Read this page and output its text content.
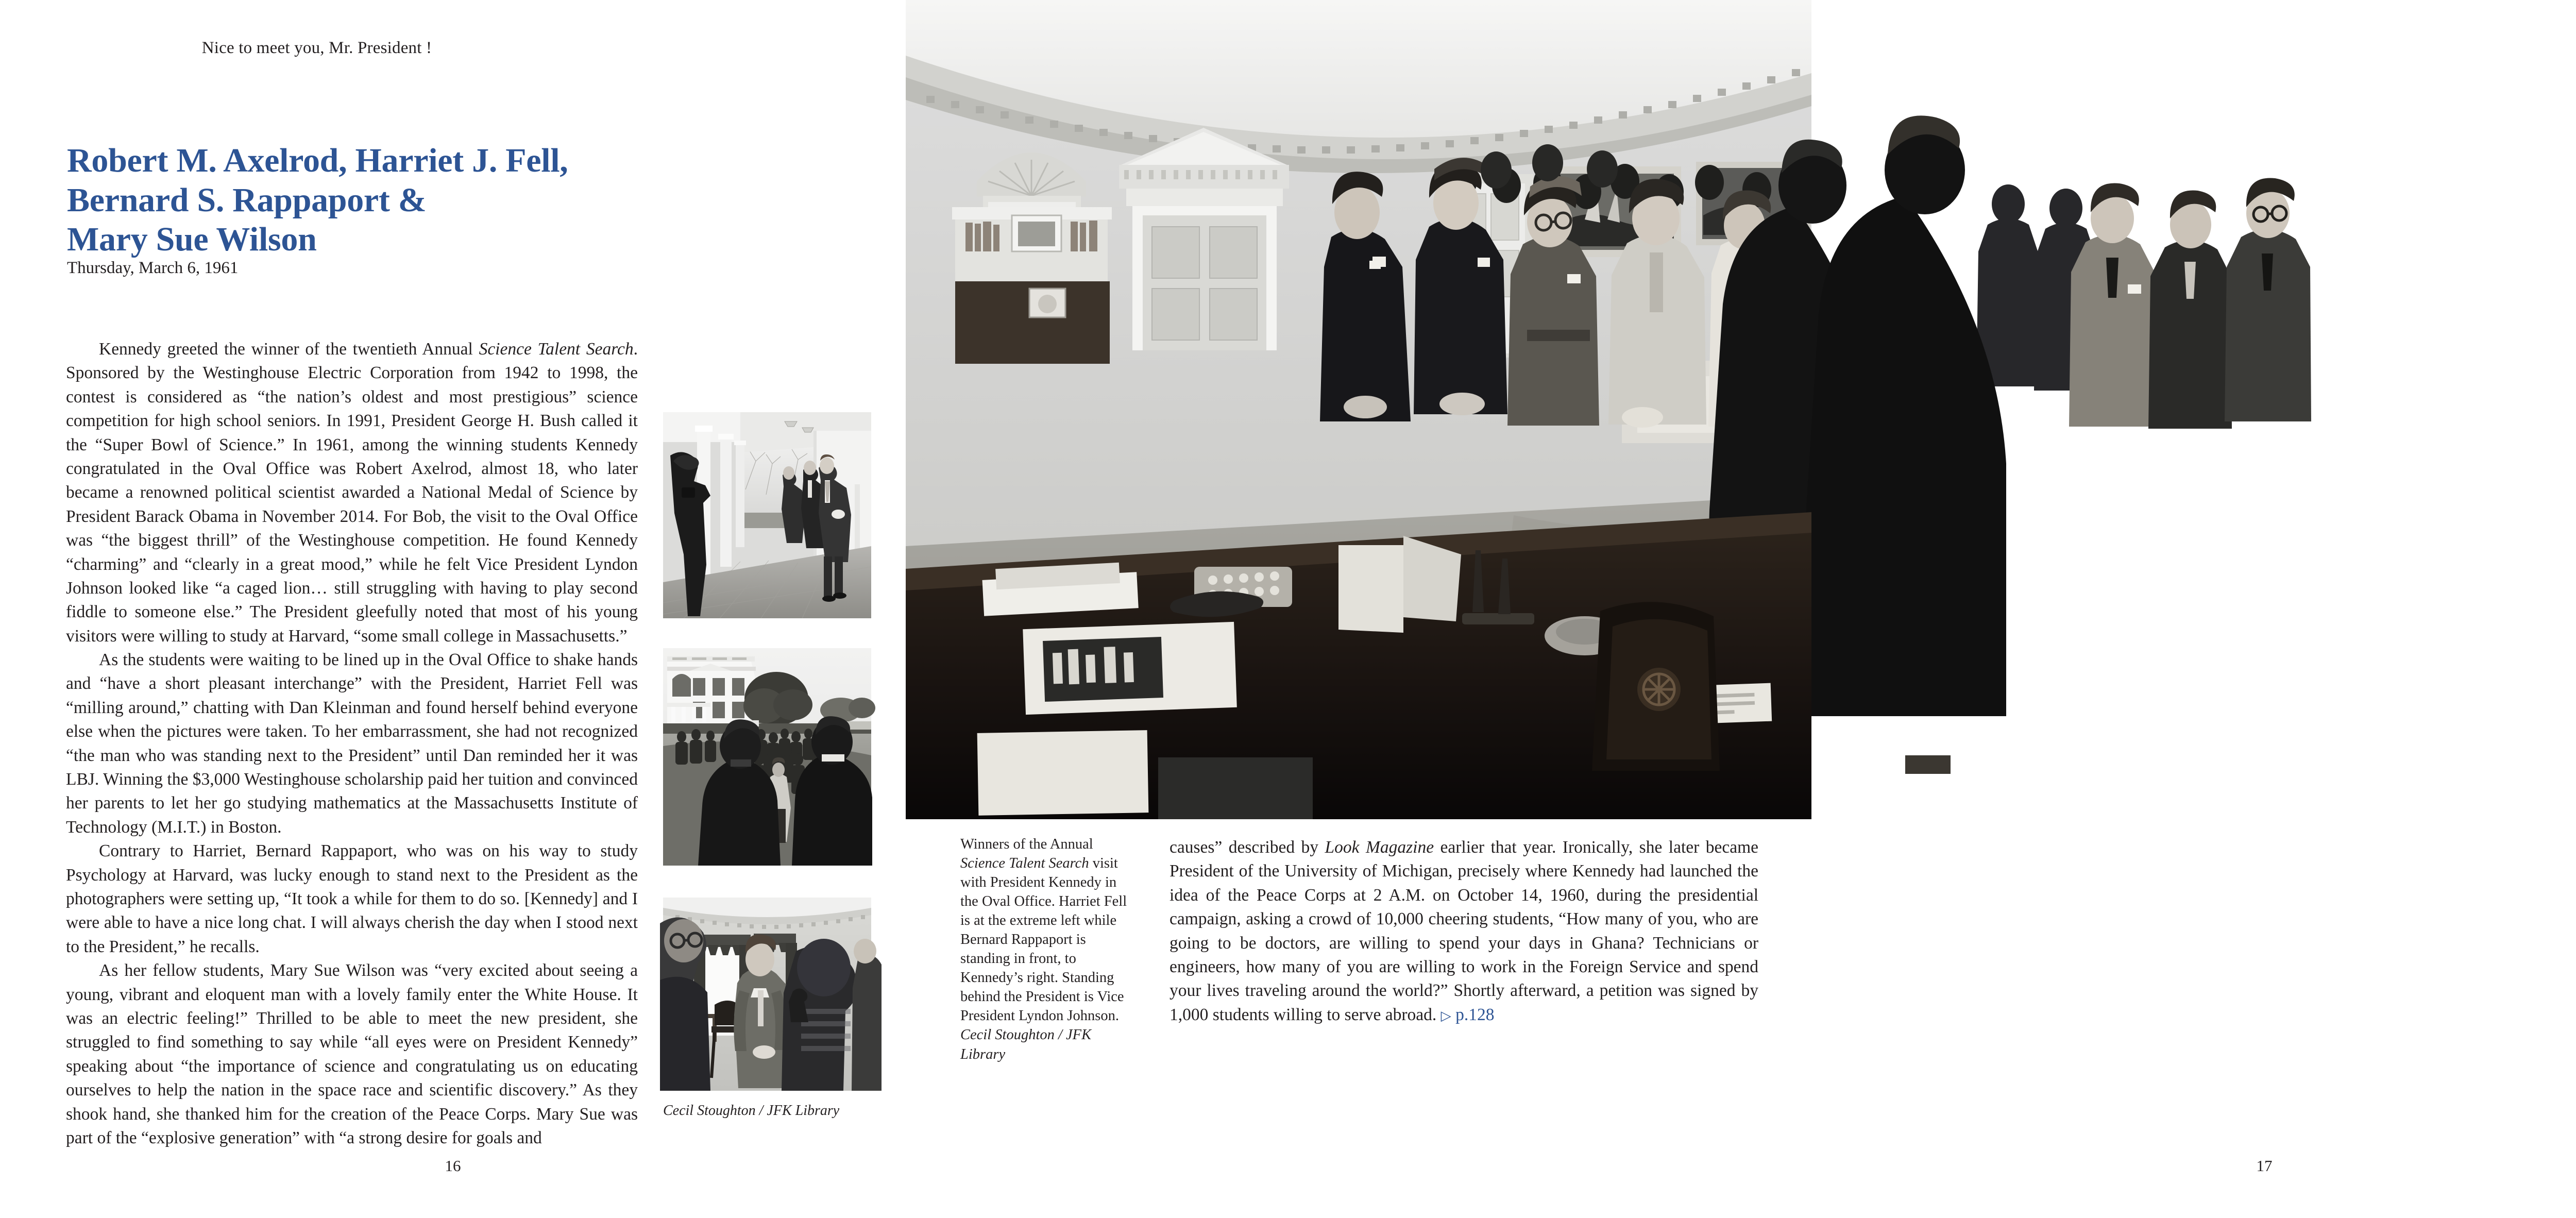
Nice to meet you, Mr. President !
Robert M. Axelrod, Harriet J. Fell,
Bernard S. Rappaport &
Mary Sue Wilson
Thursday, March 6, 1961

Kennedy greeted the winner of the twentieth Annual Science Talent Search. Sponsored by the Westinghouse Electric Corporation from 1942 to 1998, the contest is considered as “the nation’s oldest and most prestigious” science competition for high school seniors. In 1991, President George H. Bush called it the “Super Bowl of Science.” In 1961, among the winning students Kennedy congratulated in the Oval Office was Robert Axelrod, almost 18, who later became a renowned political scientist awarded a National Medal of Science by President Barack Obama in November 2014. For Bob, the visit to the Oval Office was “the biggest thrill” of the Westinghouse competition. He found Kennedy “charming” and “clearly in a great mood,” while he felt Vice President Lyndon Johnson looked like “a caged lion… still struggling with having to play second fiddle to someone else.” The President gleefully noted that most of his young visitors were willing to study at Harvard, “some small college in Massachusetts.”

As the students were waiting to be lined up in the Oval Office to shake hands and “have a short pleasant interchange” with the President, Harriet Fell was “milling around,” chatting with Dan Kleinman and found herself behind everyone else when the pictures were taken. To her embarrassment, she had not recognized “the man who was standing next to the President” until Dan reminded her it was LBJ. Winning the $3,000 Westinghouse scholarship paid her tuition and convinced her parents to let her go studying mathematics at the Massachusetts Institute of Technology (M.I.T.) in Boston.

Contrary to Harriet, Bernard Rappaport, who was on his way to study Psychology at Harvard, was lucky enough to stand next to the President as the photographers were setting up, “It took a while for them to do so. [Kennedy] and I were able to have a nice long chat. I will always cherish the day when I stood next to the President,” he recalls.

As her fellow students, Mary Sue Wilson was “very excited about seeing a young, vibrant and eloquent man with a lovely family enter the White House. It was an electric feeling!” Thrilled to be able to meet the new president, she struggled to find something to say while “all eyes were on President Kennedy” speaking about “the importance of science and congratulating us on educating ourselves to help the nation in the space race and scientific discovery.” As they shook hand, she thanked him for the creation of the Peace Corps. Mary Sue was part of the “explosive generation” with “a strong desire for goals and

Cecil Stoughton / JFK Library
16
Winners of the Annual Science Talent Search visit with President Kennedy in the Oval Office. Harriet Fell is at the extreme left while Bernard Rappaport is standing in front, to Kennedy’s right. Standing behind the President is Vice President Lyndon Johnson.
Cecil Stoughton / JFK Library

causes” described by Look Magazine earlier that year. Ironically, she later became President of the University of Michigan, precisely where Kennedy had launched the idea of the Peace Corps at 2 A.M. on October 14, 1960, during the presidential campaign, asking a crowd of 10,000 cheering students, “How many of you, who are going to be doctors, are willing to spend your days in Ghana? Technicians or engineers, how many of you are willing to work in the Foreign Service and spend your lives traveling around the world?” Shortly afterward, a petition was signed by 1,000 students willing to serve abroad. ▷ p.128

17
